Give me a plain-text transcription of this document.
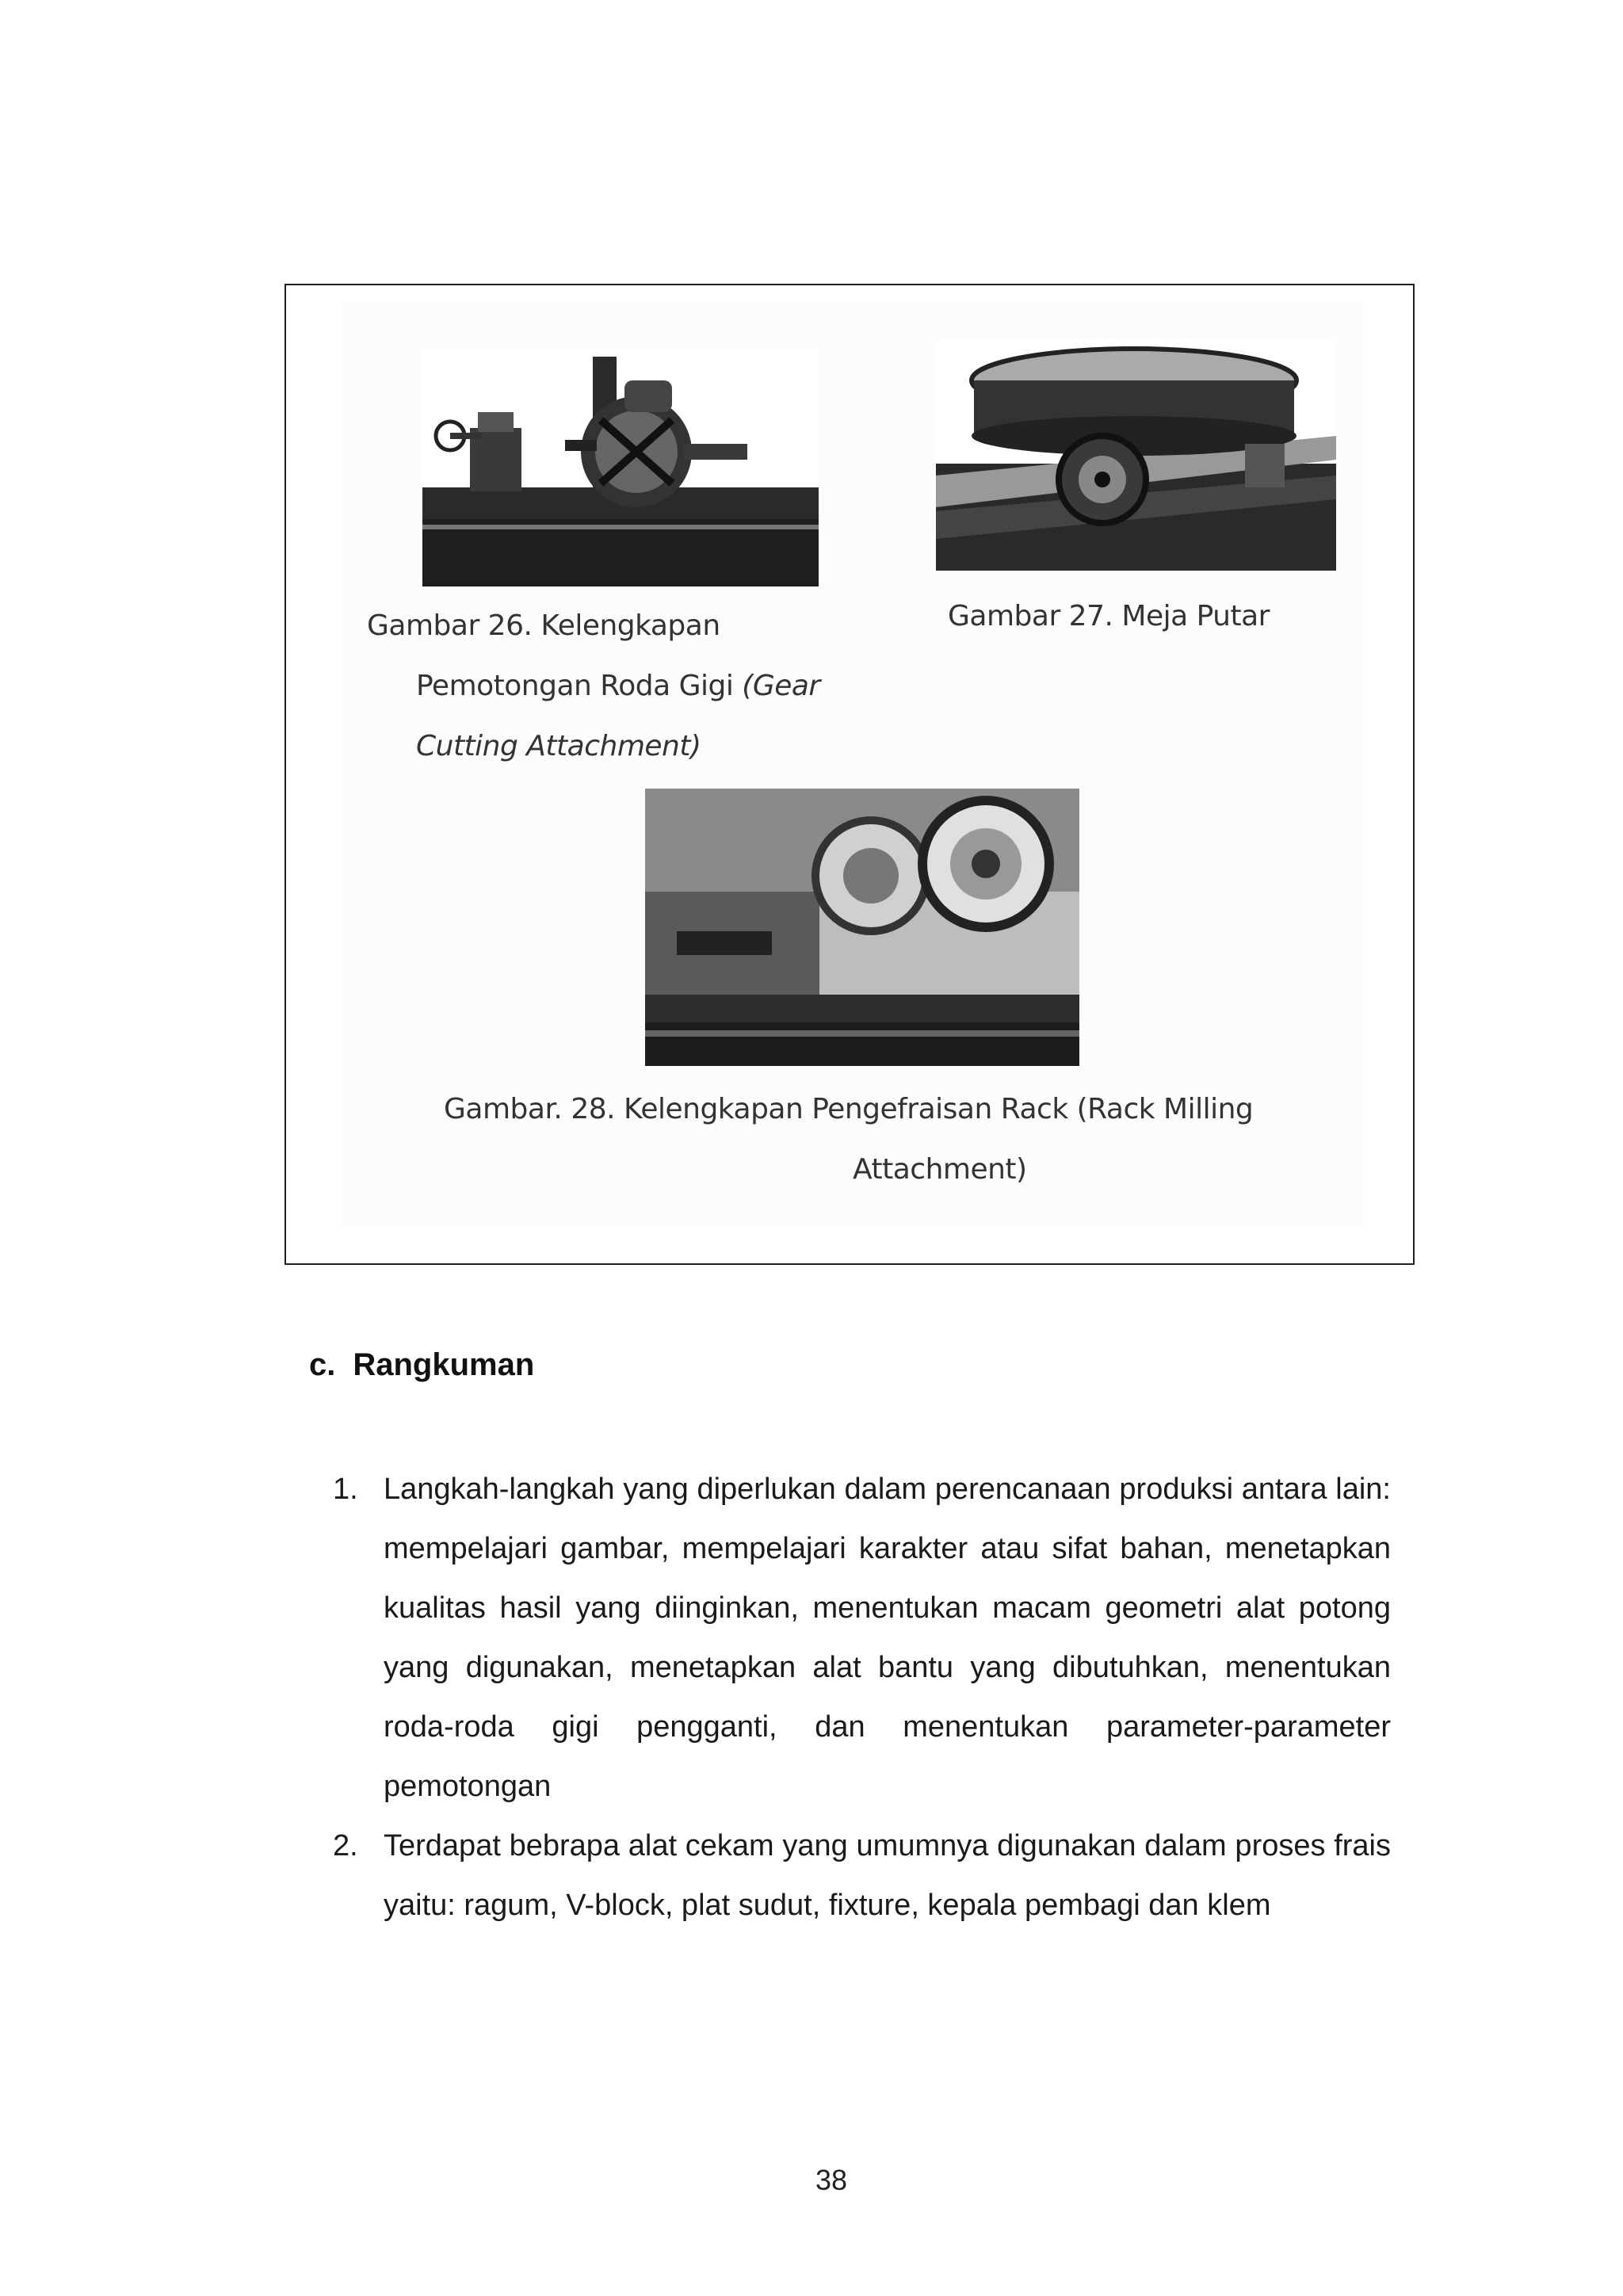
Gambar 26. Kelengkapan
Pemotongan Roda Gigi (Gear
Cutting Attachment)
Gambar 27. Meja Putar
Gambar. 28. Kelengkapan Pengefraisan Rack (Rack Milling
Attachment)
c. Rangkuman
1. Langkah-langkah yang diperlukan dalam perencanaan produksi antara lain: mempelajari gambar, mempelajari karakter atau sifat bahan, menetapkan kualitas hasil yang diinginkan, menentukan macam geometri alat potong yang digunakan, menetapkan alat bantu yang dibutuhkan, menentukan roda-roda gigi pengganti, dan menentukan parameter-parameter pemotongan
2. Terdapat bebrapa alat cekam yang umumnya digunakan dalam proses frais yaitu: ragum, V-block, plat sudut, fixture, kepala pembagi dan klem
38
